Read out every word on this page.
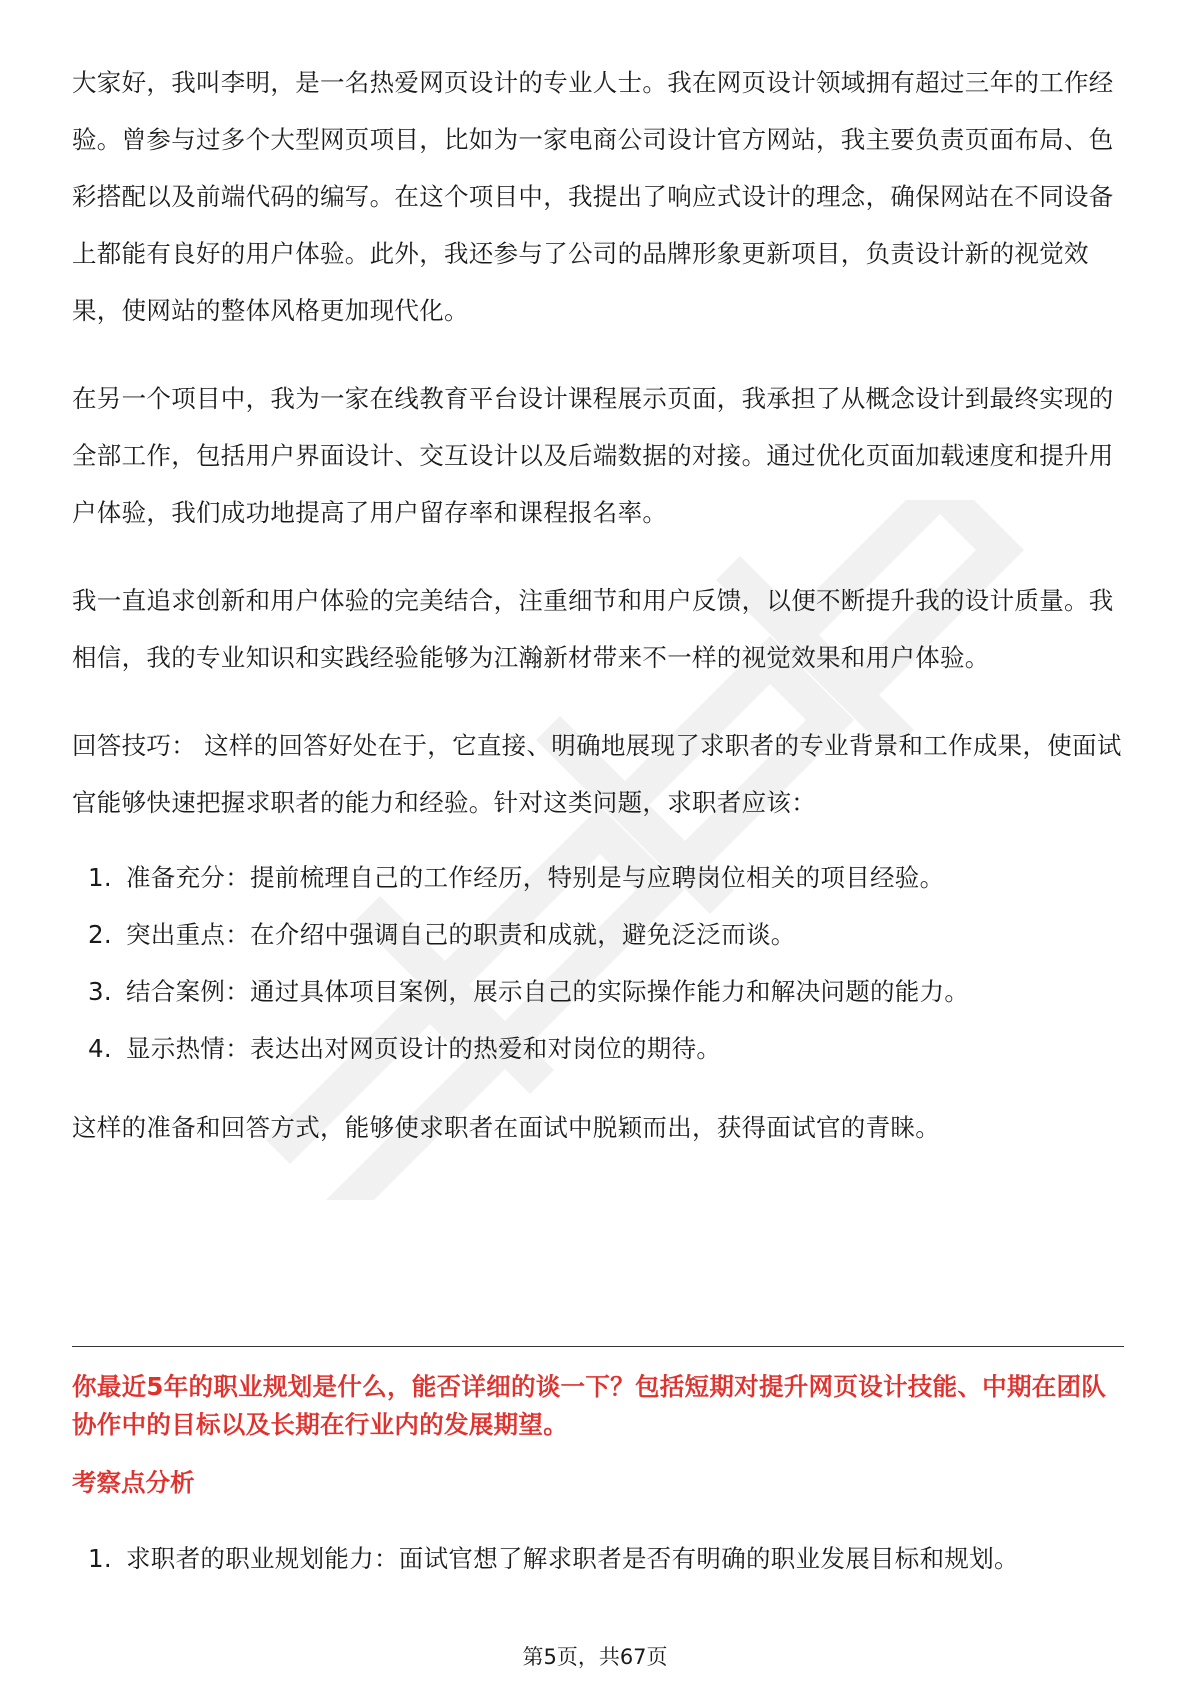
大家好，我叫李明，是一名热爱网页设计的专业人士。我在网页设计领域拥有超过三年的工作经验。曾参与过多个大型网页项目，比如为一家电商公司设计官方网站，我主要负责页面布局、色彩搭配以及前端代码的编写。在这个项目中，我提出了响应式设计的理念，确保网站在不同设备上都能有良好的用户体验。此外，我还参与了公司的品牌形象更新项目，负责设计新的视觉效果，使网站的整体风格更加现代化。

在另一个项目中，我为一家在线教育平台设计课程展示页面，我承担了从概念设计到最终实现的全部工作，包括用户界面设计、交互设计以及后端数据的对接。通过优化页面加载速度和提升用户体验，我们成功地提高了用户留存率和课程报名率。

我一直追求创新和用户体验的完美结合，注重细节和用户反馈，以便不断提升我的设计质量。我相信，我的专业知识和实践经验能够为江瀚新材带来不一样的视觉效果和用户体验。

回答技巧： 这样的回答好处在于，它直接、明确地展现了求职者的专业背景和工作成果，使面试官能够快速把握求职者的能力和经验。针对这类问题，求职者应该：

1. 准备充分：提前梳理自己的工作经历，特别是与应聘岗位相关的项目经验。
2. 突出重点：在介绍中强调自己的职责和成就，避免泛泛而谈。
3. 结合案例：通过具体项目案例，展示自己的实际操作能力和解决问题的能力。
4. 显示热情：表达出对网页设计的热爱和对岗位的期待。

这样的准备和回答方式，能够使求职者在面试中脱颖而出，获得面试官的青睐。

你最近5年的职业规划是什么，能否详细的谈一下？包括短期对提升网页设计技能、中期在团队协作中的目标以及长期在行业内的发展期望。

考察点分析

1. 求职者的职业规划能力：面试官想了解求职者是否有明确的职业发展目标和规划。
第5页，共67页
